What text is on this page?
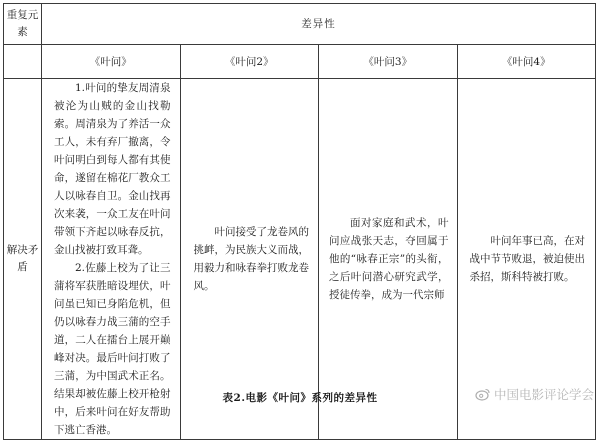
重复元素	差异性			
	《叶问》	《叶问2》	《叶问3》	《叶问4》
解决矛盾	1.叶问的挚友周清泉被沦为山贼的金山找勒索。周清泉为了养活一众工人，未有弃厂撤离，令叶问明白到每人都有其使命，遂留在棉花厂教众工人以咏春自卫。金山找再次来袭，一众工友在叶问带领下齐起以咏春反抗，金山找被打致耳聋。

2.佐藤上校为了让三蒲将军获胜暗设埋伏，叶问虽已知已身陷危机，但仍以咏春力战三蒲的空手道，二人在擂台上展开巅峰对决。最后叶问打败了三蒲，为中国武术正名。结果却被佐藤上校开枪射中，后来叶问在好友帮助下逃亡香港。	叶问接受了龙卷风的挑衅，为民族大义而战，用毅力和咏春拳打败龙卷风。	面对家庭和武术，叶问应战张天志，夺回属于他的“咏春正宗”的头衔，之后叶问潜心研究武学，授徒传拳，成为一代宗师	叶问年事已高，在对战中节节败退，被迫使出杀招，斯科特被打败。

表2.电影《叶问》系列的差异性	中国电影评论学会
